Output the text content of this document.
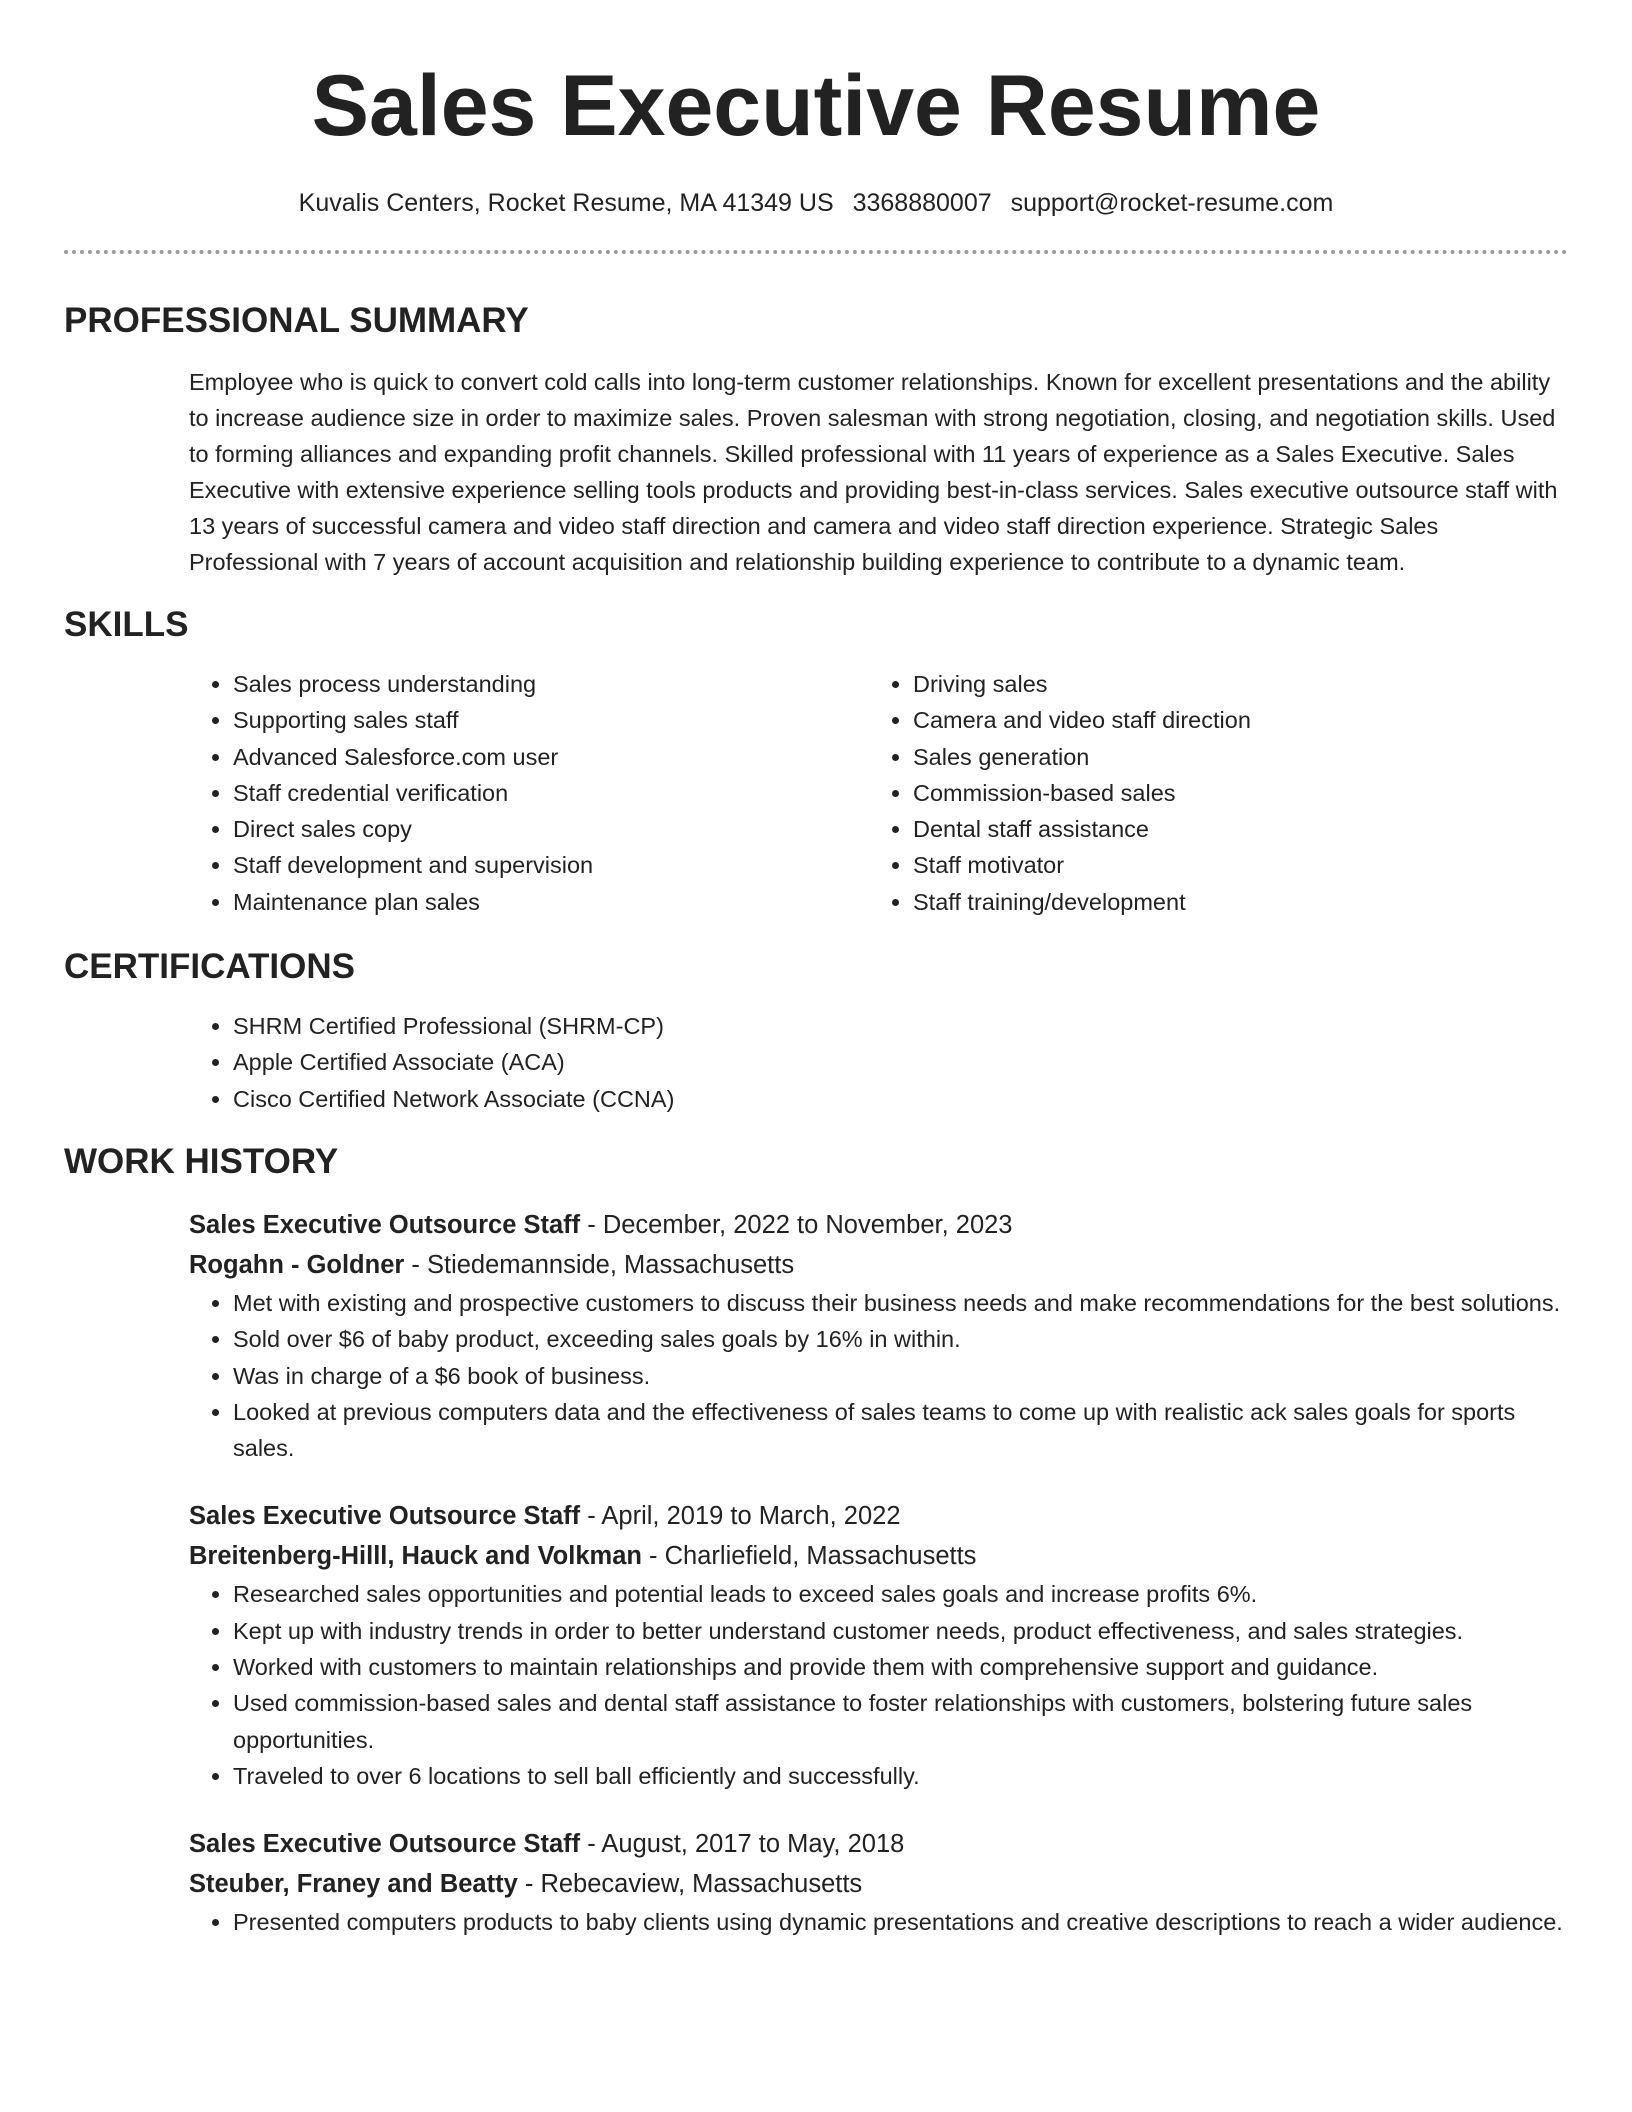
Sales Executive Resume
Kuvalis Centers, Rocket Resume, MA 41349 US 3368880007 support@rocket-resume.com
PROFESSIONAL SUMMARY
Employee who is quick to convert cold calls into long-term customer relationships. Known for excellent presentations and the ability to increase audience size in order to maximize sales. Proven salesman with strong negotiation, closing, and negotiation skills. Used to forming alliances and expanding profit channels. Skilled professional with 11 years of experience as a Sales Executive. Sales Executive with extensive experience selling tools products and providing best-in-class services. Sales executive outsource staff with 13 years of successful camera and video staff direction and camera and video staff direction experience. Strategic Sales Professional with 7 years of account acquisition and relationship building experience to contribute to a dynamic team.
SKILLS
• Sales process understanding
• Supporting sales staff
• Advanced Salesforce.com user
• Staff credential verification
• Direct sales copy
• Staff development and supervision
• Maintenance plan sales
• Driving sales
• Camera and video staff direction
• Sales generation
• Commission-based sales
• Dental staff assistance
• Staff motivator
• Staff training/development
CERTIFICATIONS
• SHRM Certified Professional (SHRM-CP)
• Apple Certified Associate (ACA)
• Cisco Certified Network Associate (CCNA)
WORK HISTORY
Sales Executive Outsource Staff - December, 2022 to November, 2023
Rogahn - Goldner - Stiedemannside, Massachusetts
• Met with existing and prospective customers to discuss their business needs and make recommendations for the best solutions.
• Sold over $6 of baby product, exceeding sales goals by 16% in within.
• Was in charge of a $6 book of business.
• Looked at previous computers data and the effectiveness of sales teams to come up with realistic ack sales goals for sports sales.
Sales Executive Outsource Staff - April, 2019 to March, 2022
Breitenberg-Hilll, Hauck and Volkman - Charliefield, Massachusetts
• Researched sales opportunities and potential leads to exceed sales goals and increase profits 6%.
• Kept up with industry trends in order to better understand customer needs, product effectiveness, and sales strategies.
• Worked with customers to maintain relationships and provide them with comprehensive support and guidance.
• Used commission-based sales and dental staff assistance to foster relationships with customers, bolstering future sales opportunities.
• Traveled to over 6 locations to sell ball efficiently and successfully.
Sales Executive Outsource Staff - August, 2017 to May, 2018
Steuber, Franey and Beatty - Rebecaview, Massachusetts
• Presented computers products to baby clients using dynamic presentations and creative descriptions to reach a wider audience.
